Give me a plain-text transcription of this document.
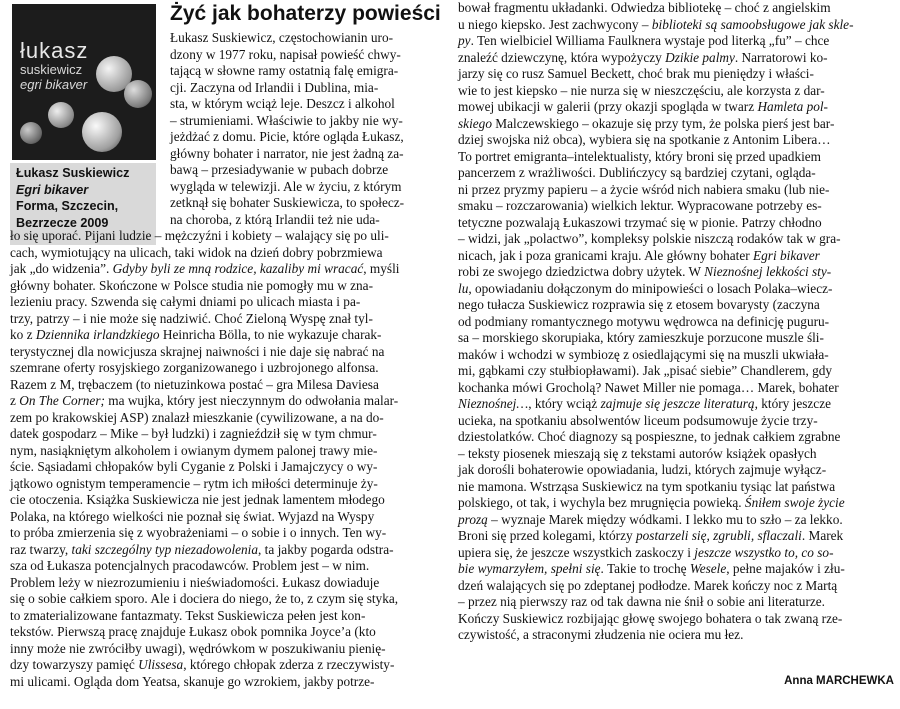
łukasz
suskiewicz
egri bikaver
Łukasz Suskiewicz
Egri bikaver
Forma, Szczecin,
Bezrzecze 2009
Żyć jak bohaterzy powieści
Łukasz Suskiewicz, częstochowianin uro-
dzony w 1977 roku, napisał powieść chwy-
tającą w słowne ramy ostatnią falę emigra-
cji. Zaczyna od Irlandii i Dublina, mia-
sta, w którym wciąż leje. Deszcz i alkohol
– strumieniami. Właściwie to jakby nie wy-
jeżdżać z domu. Picie, które ogląda Łukasz,
główny bohater i narrator, nie jest żadną za-
bawą – przesiadywanie w pubach dobrze
wygląda w telewizji. Ale w życiu, z którym
zetknął się bohater Suskiewicza, to społecz-
na choroba, z którą Irlandii też nie uda-
ło się uporać. Pijani ludzie – mężczyźni i kobiety – walający się po uli-
cach, wymiotujący na ulicach, taki widok na dzień dobry pobrzmiewa
jak „do widzenia”. Gdyby byli ze mną rodzice, kazaliby mi wracać, myśli
główny bohater. Skończone w Polsce studia nie pomogły mu w zna-
lezieniu pracy. Szwenda się całymi dniami po ulicach miasta i pa-
trzy, patrzy – i nie może się nadziwić. Choć Zieloną Wyspę znał tyl-
ko z Dziennika irlandzkiego Heinricha Bölla, to nie wykazuje charak-
terystycznej dla nowicjusza skrajnej naiwności i nie daje się nabrać na
szemrane oferty rosyjskiego zorganizowanego i uzbrojonego alfonsa.
Razem z M, trębaczem (to nietuzinkowa postać – gra Milesa Daviesa
z On The Corner; ma wujka, który jest nieczynnym do odwołania malar-
zem po krakowskiej ASP) znalazł mieszkanie (cywilizowane, a na do-
datek gospodarz – Mike – był ludzki) i zagnieździł się w tym chmur-
nym, nasiąkniętym alkoholem i owianym dymem palonej trawy mie-
ście. Sąsiadami chłopaków byli Cyganie z Polski i Jamajczycy o wy-
jątkowo ognistym temperamencie – rytm ich miłości determinuje ży-
cie otoczenia. Książka Suskiewicza nie jest jednak lamentem młodego
Polaka, na którego wielkości nie poznał się świat. Wyjazd na Wyspy
to próba zmierzenia się z wyobrażeniami – o sobie i o innych. Ten wy-
raz twarzy, taki szczególny typ niezadowolenia, ta jakby pogarda odstra-
sza od Łukasza potencjalnych pracodawców. Problem jest – w nim.
Problem leży w niezrozumieniu i nieświadomości. Łukasz dowiaduje
się o sobie całkiem sporo. Ale i dociera do niego, że to, z czym się styka,
to zmaterializowane fantazmaty. Tekst Suskiewicza pełen jest kon-
tekstów. Pierwszą pracę znajduje Łukasz obok pomnika Joyce’a (kto
inny może nie zwróciłby uwagi), wędrówkom w poszukiwaniu pienię-
dzy towarzyszy pamięć Ulissesa, którego chłopak zderza z rzeczywisty-
mi ulicami. Ogląda dom Yeatsa, skanuje go wzrokiem, jakby potrze-
bował fragmentu układanki. Odwiedza bibliotekę – choć z angielskim
u niego kiepsko. Jest zachwycony – biblioteki są samoobsługowe jak skle-
py. Ten wielbiciel Williama Faulknera wystaje pod literką „fu” – chce
znaleźć dziewczynę, która wypożyczy Dzikie palmy. Narratorowi ko-
jarzy się co rusz Samuel Beckett, choć brak mu pieniędzy i właści-
wie to jest kiepsko – nie nurza się w nieszczęściu, ale korzysta z dar-
mowej ubikacji w galerii (przy okazji spogląda w twarz Hamleta pol-
skiego Malczewskiego – okazuje się przy tym, że polska pierś jest bar-
dziej swojska niż obca), wybiera się na spotkanie z Antonim Libera…
To portret emigranta–intelektualisty, który broni się przed upadkiem
pancerzem z wrażliwości. Dublińczycy są bardziej czytani, ogląda-
ni przez pryzmy papieru – a życie wśród nich nabiera smaku (lub nie-
smaku – rozczarowania) wielkich lektur. Wypracowane potrzeby es-
tetyczne pozwalają Łukaszowi trzymać się w pionie. Patrzy chłodno
– widzi, jak „polactwo”, kompleksy polskie niszczą rodaków tak w gra-
nicach, jak i poza granicami kraju. Ale główny bohater Egri bikaver
robi ze swojego dziedzictwa dobry użytek. W Nieznośnej lekkości sty-
lu, opowiadaniu dołączonym do minipowieści o losach Polaka–wiecz-
nego tułacza Suskiewicz rozprawia się z etosem bovarysty (zaczyna
od podmiany romantycznego motywu wędrowca na definicję puguru-
sa – morskiego skorupiaka, który zamieszkuje porzucone muszle śli-
maków i wchodzi w symbiozę z osiedlającymi się na muszli ukwiała-
mi, gąbkami czy stułbiopławami). Jak „pisać siebie” Chandlerem, gdy
kochanka mówi Grocholą? Nawet Miller nie pomaga… Marek, bohater
Nieznośnej…, który wciąż zajmuje się jeszcze literaturą, który jeszcze
ucieka, na spotkaniu absolwentów liceum podsumowuje życie trzy-
dziestolatków. Choć diagnozy są pospieszne, to jednak całkiem zgrabne
– teksty piosenek mieszają się z tekstami autorów książek opasłych
jak dorośli bohaterowie opowiadania, ludzi, których zajmuje wyłącz-
nie mamona. Wstrząsa Suskiewicz na tym spotkaniu tysiąc lat państwa
polskiego, ot tak, i wychyla bez mrugnięcia powieką. Śniłem swoje życie
prozą – wyznaje Marek między wódkami. I lekko mu to szło – za lekko.
Broni się przed kolegami, którzy postarzeli się, zgrubli, sflaczali. Marek
upiera się, że jeszcze wszystkich zaskoczy i jeszcze wszystko to, co so-
bie wymarzyłem, spełni się. Takie to trochę Wesele, pełne majaków i złu-
dzeń walających się po zdeptanej podłodze. Marek kończy noc z Martą
– przez nią pierwszy raz od tak dawna nie śnił o sobie ani literaturze.
Kończy Suskiewicz rozbijając głowę swojego bohatera o tak zwaną rze-
czywistość, a straconymi złudzenia nie ociera mu łez.
Anna MARCHEWKA
